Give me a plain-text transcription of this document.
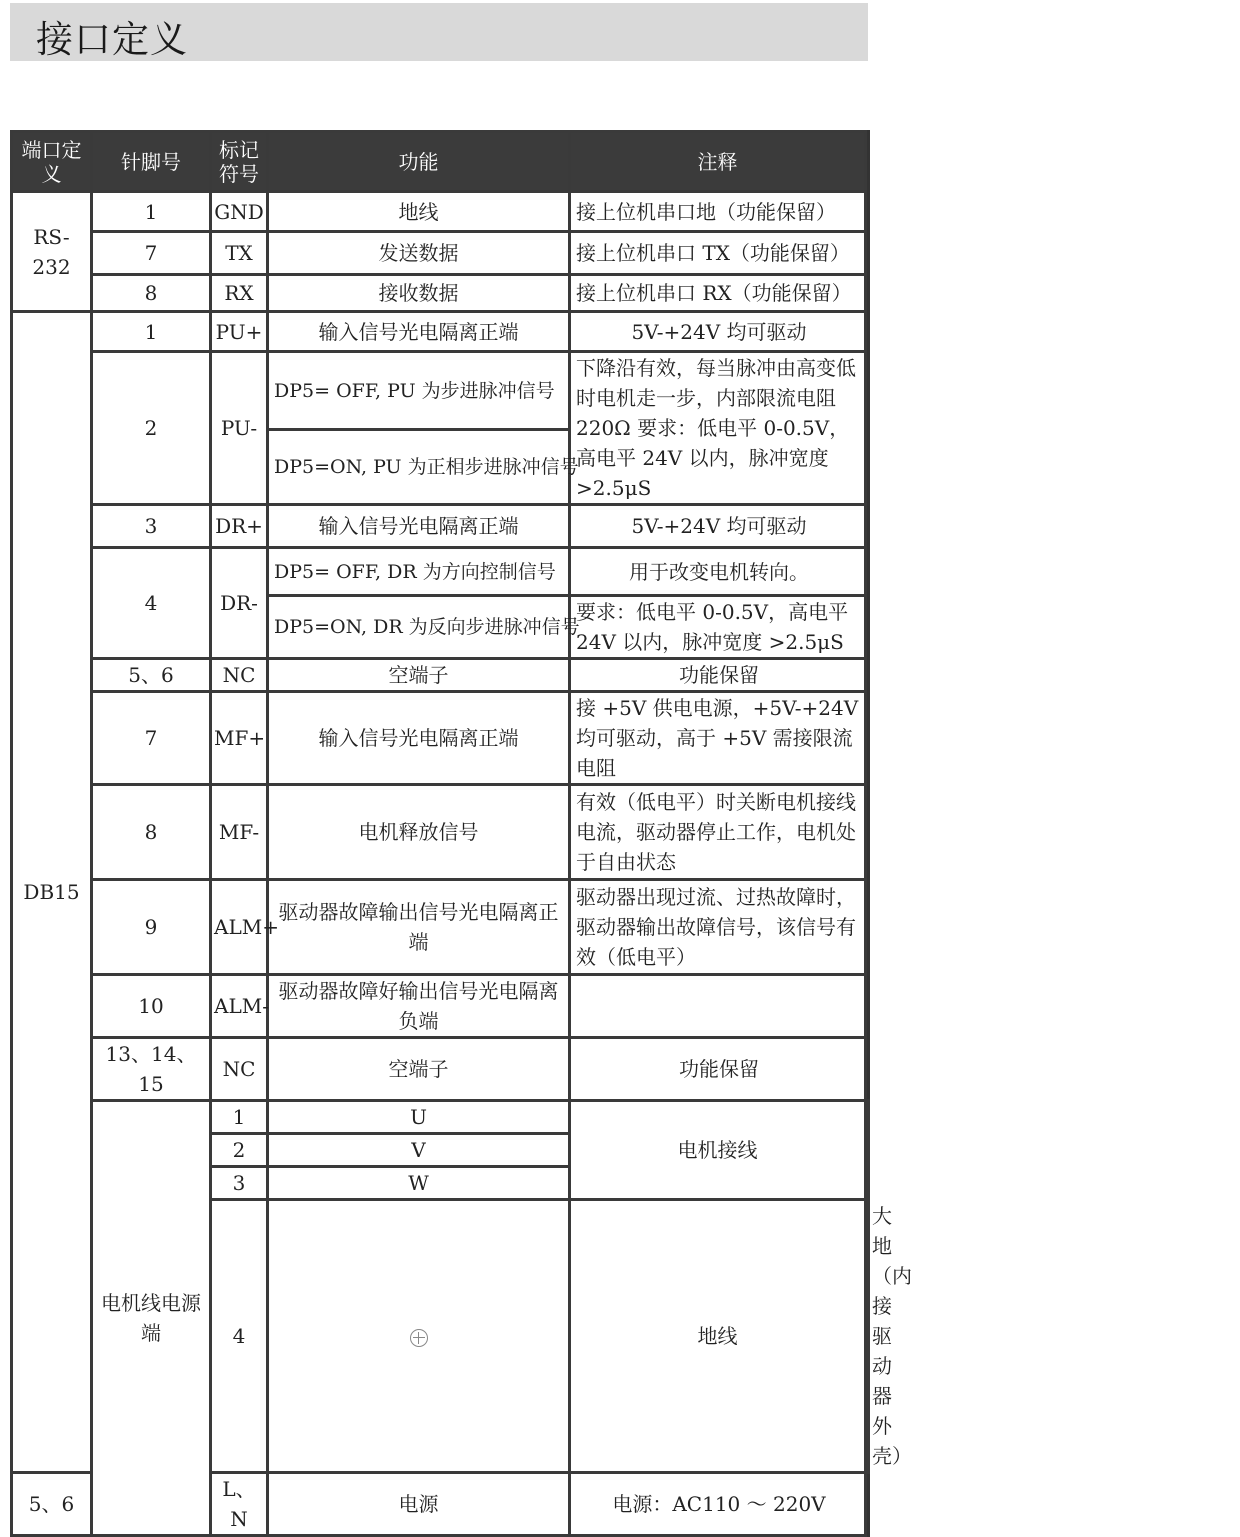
接口定义
端口定义	针脚号	标记符号	功能	注释	
RS-232	1	GND	地线	接上位机串口地（功能保留）	
	7	TX	发送数据	接上位机串口 TX（功能保留）	
	8	RX	接收数据	接上位机串口 RX（功能保留）	
DB15	1	PU+	输入信号光电隔离正端	5V-+24V 均可驱动	
	2	PU-	DP5= OFF, PU 为步进脉冲信号	下降沿有效，每当脉冲由高变低时电机走一步，内部限流电阻 220Ω 要求：低电平 0-0.5V，高电平 24V 以内，脉冲宽度 >2.5μS	
			DP5=ON, PU 为正相步进脉冲信号		
	3	DR+	输入信号光电隔离正端	5V-+24V 均可驱动	
	4	DR-	DP5= OFF, DR 为方向控制信号	用于改变电机转向。	
			DP5=ON, DR 为反向步进脉冲信号	要求：低电平 0-0.5V，高电平 24V 以内，脉冲宽度 >2.5μS	
	5、6	NC	空端子	功能保留	
	7	MF+	输入信号光电隔离正端	接 +5V 供电电源，+5V-+24V 均可驱动，高于 +5V 需接限流电阻	
	8	MF-	电机释放信号	有效（低电平）时关断电机接线电流，驱动器停止工作，电机处于自由状态	
	9	ALM+	驱动器故障输出信号光电隔离正端	驱动器出现过流、过热故障时，驱动器输出故障信号，该信号有效（低电平）	
	10	ALM-	驱动器故障好输出信号光电隔离负端		
	13、14、15	NC	空端子	功能保留	
	电机线电源端	1	U	电机接线	
		2	V		
		3	W		
		4		地线	大地（内接驱动器外壳）
5、6		L、N	电源	电源：AC110 ～ 220V	
